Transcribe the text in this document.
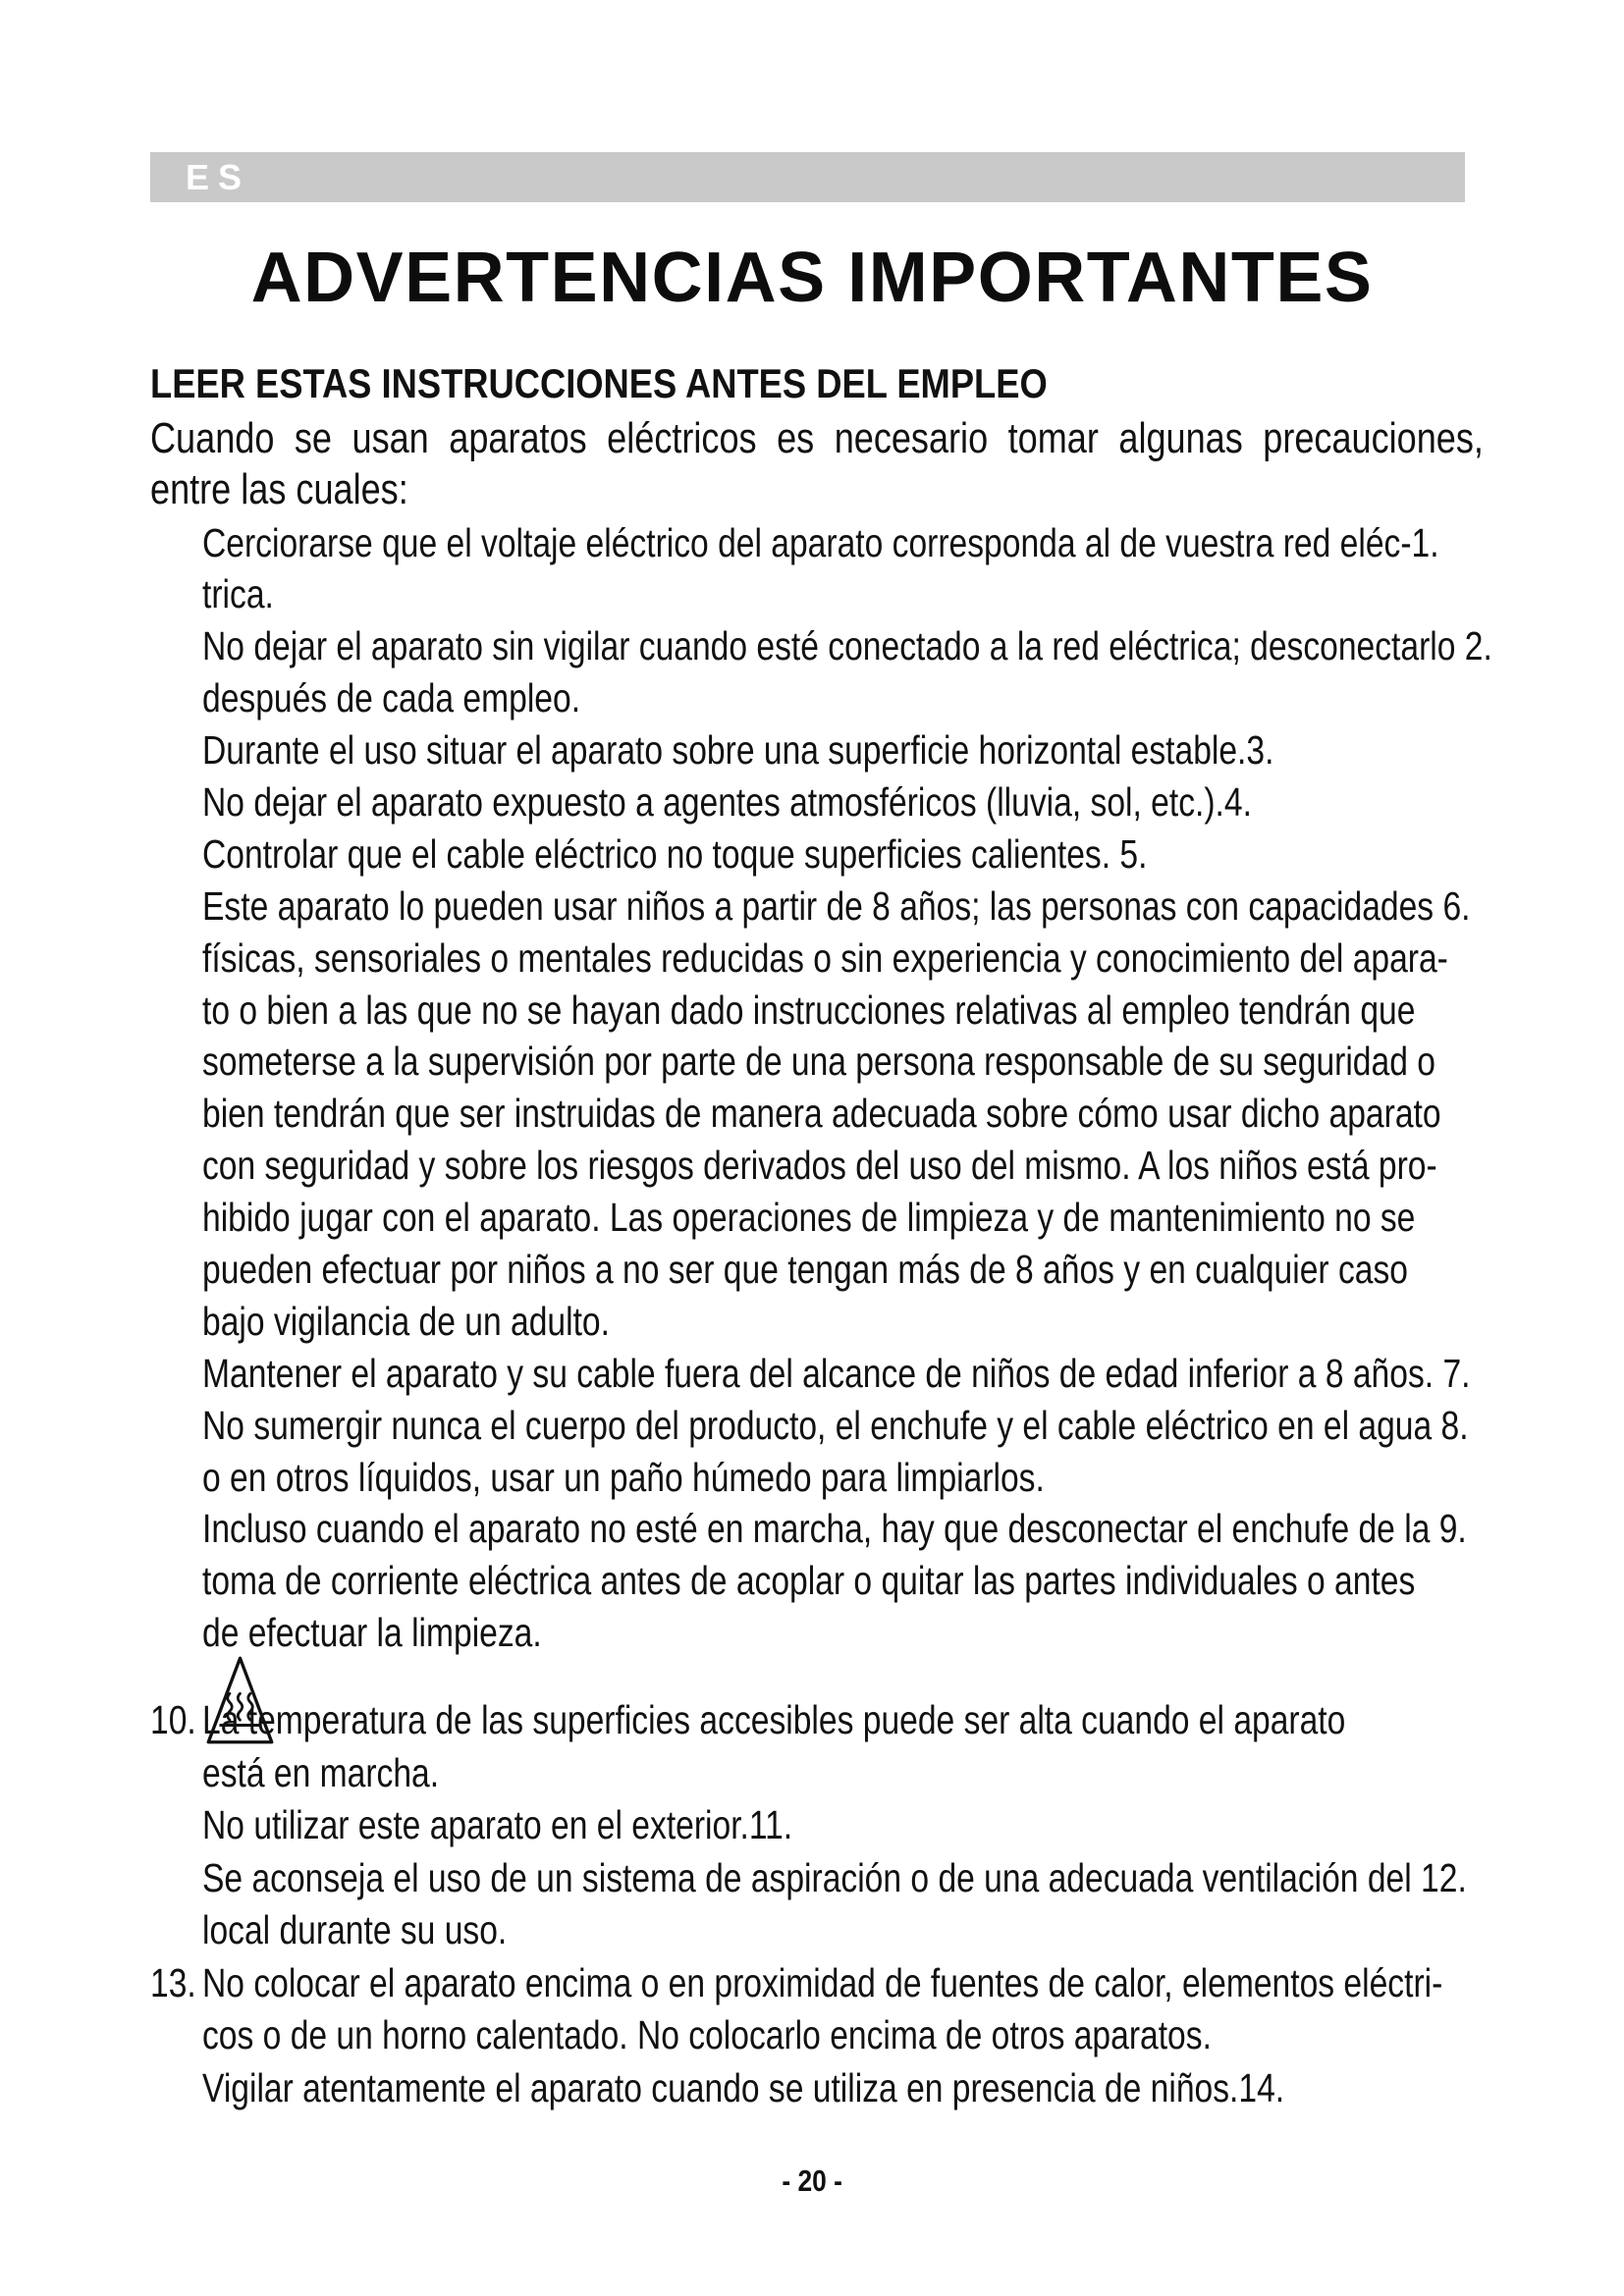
ES
ADVERTENCIAS IMPORTANTES
LEER ESTAS INSTRUCCIONES ANTES DEL EMPLEO
Cuando se usan aparatos eléctricos es necesario tomar algunas precauciones,
entre las cuales:
Cerciorarse que el voltaje eléctrico del aparato corresponda al de vuestra red eléc-1.
trica.
No dejar el aparato sin vigilar cuando esté conectado a la red eléctrica; desconectarlo 2.
después de cada empleo.
Durante el uso situar el aparato sobre una superficie horizontal estable.3.
No dejar el aparato expuesto a agentes atmosféricos (lluvia, sol, etc.).4.
Controlar que el cable eléctrico no toque superficies calientes. 5.
Este aparato lo pueden usar niños a partir de 8 años; las personas con capacidades 6.
físicas, sensoriales o mentales reducidas o sin experiencia y conocimiento del apara-
to o bien a las que no se hayan dado instrucciones relativas al empleo tendrán que
someterse a la supervisión por parte de una persona responsable de su seguridad o
bien tendrán que ser instruidas de manera adecuada sobre cómo usar dicho aparato
con seguridad y sobre los riesgos derivados del uso del mismo. A los niños está pro-
hibido jugar con el aparato. Las operaciones de limpieza y de mantenimiento no se
pueden efectuar por niños a no ser que tengan más de 8 años y en cualquier caso
bajo vigilancia de un adulto.
Mantener el aparato y su cable fuera del alcance de niños de edad inferior a 8 años. 7.
No sumergir nunca el cuerpo del producto, el enchufe y el cable eléctrico en el agua 8.
o en otros líquidos, usar un paño húmedo para limpiarlos.
Incluso cuando el aparato no esté en marcha, hay que desconectar el enchufe de la 9.
toma de corriente eléctrica antes de acoplar o quitar las partes individuales o antes
de efectuar la limpieza.
10. La temperatura de las superficies accesibles puede ser alta cuando el aparato
está en marcha.
No utilizar este aparato en el exterior.11.
Se aconseja el uso de un sistema de aspiración o de una adecuada ventilación del 12.
local durante su uso.
13. No colocar el aparato encima o en proximidad de fuentes de calor, elementos eléctri-
cos o de un horno calentado. No colocarlo encima de otros aparatos.
Vigilar atentamente el aparato cuando se utiliza en presencia de niños.14.
- 20 -
